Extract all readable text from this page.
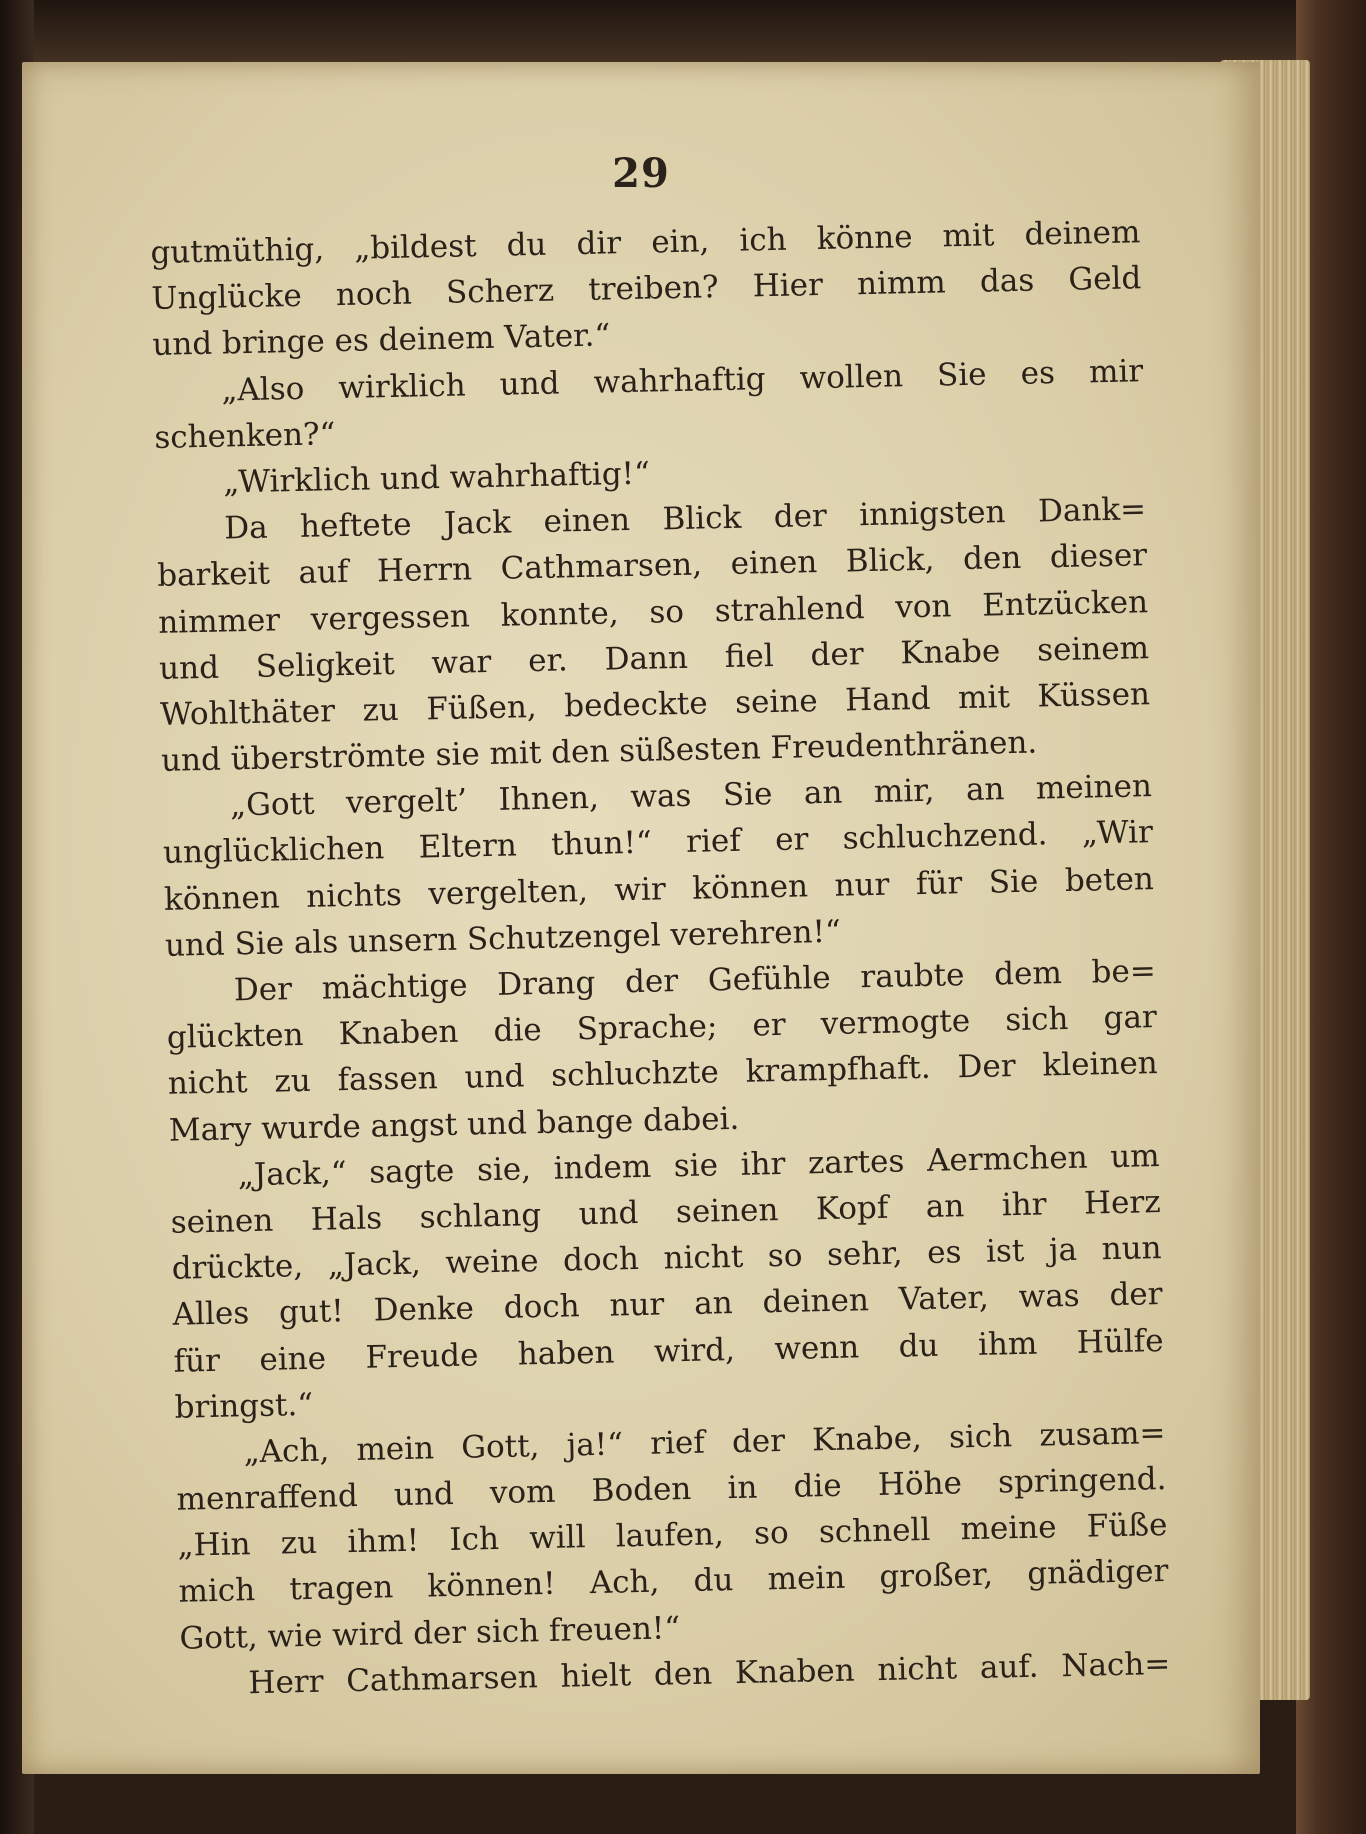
29
gutmüthig, „bildest du dir ein, ich könne mit deinem
Unglücke noch Scherz treiben? Hier nimm das Geld
und bringe es deinem Vater.“
„Also wirklich und wahrhaftig wollen Sie es mir
schenken?“
„Wirklich und wahrhaftig!“
Da heftete Jack einen Blick der innigsten Dank=
barkeit auf Herrn Cathmarsen, einen Blick, den dieser
nimmer vergessen konnte, so strahlend von Entzücken
und Seligkeit war er. Dann fiel der Knabe seinem
Wohlthäter zu Füßen, bedeckte seine Hand mit Küssen
und überströmte sie mit den süßesten Freudenthränen.
„Gott vergelt’ Ihnen, was Sie an mir, an meinen
unglücklichen Eltern thun!“ rief er schluchzend. „Wir
können nichts vergelten, wir können nur für Sie beten
und Sie als unsern Schutzengel verehren!“
Der mächtige Drang der Gefühle raubte dem be=
glückten Knaben die Sprache; er vermogte sich gar
nicht zu fassen und schluchzte krampfhaft. Der kleinen
Mary wurde angst und bange dabei.
„Jack,“ sagte sie, indem sie ihr zartes Aermchen um
seinen Hals schlang und seinen Kopf an ihr Herz
drückte, „Jack, weine doch nicht so sehr, es ist ja nun
Alles gut! Denke doch nur an deinen Vater, was der
für eine Freude haben wird, wenn du ihm Hülfe
bringst.“
„Ach, mein Gott, ja!“ rief der Knabe, sich zusam=
menraffend und vom Boden in die Höhe springend.
„Hin zu ihm! Ich will laufen, so schnell meine Füße
mich tragen können! Ach, du mein großer, gnädiger
Gott, wie wird der sich freuen!“
Herr Cathmarsen hielt den Knaben nicht auf. Nach=
